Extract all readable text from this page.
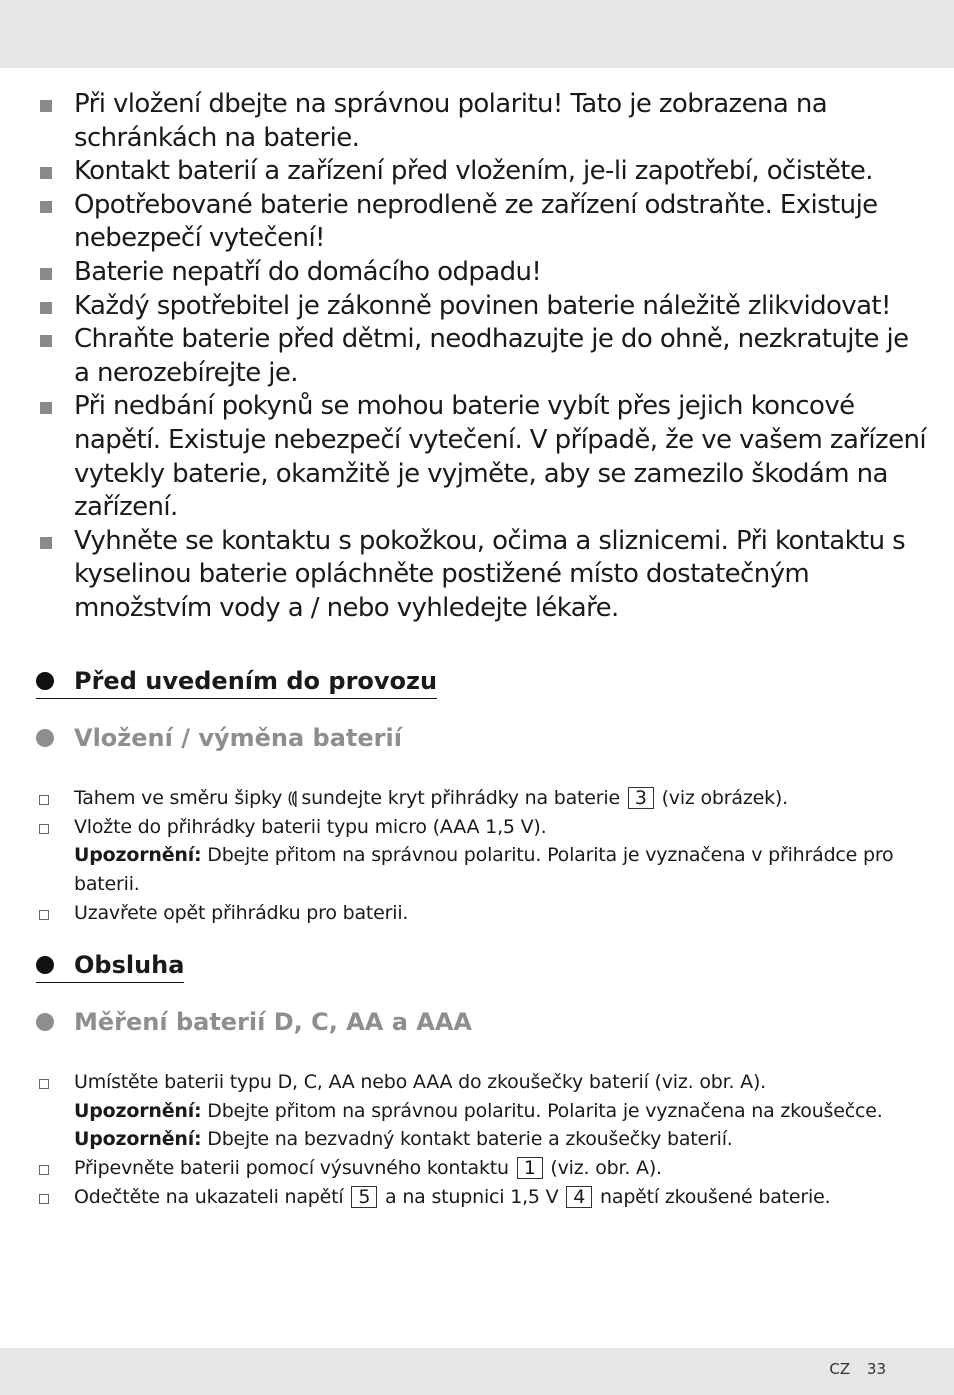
Při vložení dbejte na správnou polaritu! Tato je zobrazena na schránkách na baterie.
Kontakt baterií a zařízení před vložením, je-li zapotřebí, očistěte.
Opotřebované baterie neprodleně ze zařízení odstraňte. Existuje nebezpečí vytečení!
Baterie nepatří do domácího odpadu!
Každý spotřebitel je zákonně povinen baterie náležitě zlikvidovat!
Chraňte baterie před dětmi, neodhazujte je do ohně, nezkratujte je a nerozebírejte je.
Při nedbání pokynů se mohou baterie vybít přes jejich koncové napětí. Existuje nebezpečí vytečení. V případě, že ve vašem zařízení vytekly baterie, okamžitě je vyjměte, aby se zamezilo škodám na zařízení.
Vyhněte se kontaktu s pokožkou, očima a sliznicemi. Při kontaktu s kyselinou baterie opláchněte postižené místo dostatečným množstvím vody a / nebo vyhledejte lékaře.
Před uvedením do provozu
Vložení / výměna baterií
Tahem ve směru šipky ⸨| sundejte kryt přihrádky na baterie 3 (viz obrázek).
Vložte do přihrádky baterii typu micro (AAA 1,5 V).
Upozornění: Dbejte přitom na správnou polaritu. Polarita je vyznačena v přihrádce pro baterii.
Uzavřete opět přihrádku pro baterii.
Obsluha
Měření baterií D, C, AA a AAA
Umístěte baterii typu D, C, AA nebo AAA do zkoušečky baterií (viz. obr. A).
Upozornění: Dbejte přitom na správnou polaritu. Polarita je vyznačena na zkoušečce.
Upozornění: Dbejte na bezvadný kontakt baterie a zkoušečky baterií.
Připevněte baterii pomocí výsuvného kontaktu 1 (viz. obr. A).
Odečtěte na ukazateli napětí 5 a na stupnici 1,5 V 4 napětí zkoušené baterie.
CZ 33
